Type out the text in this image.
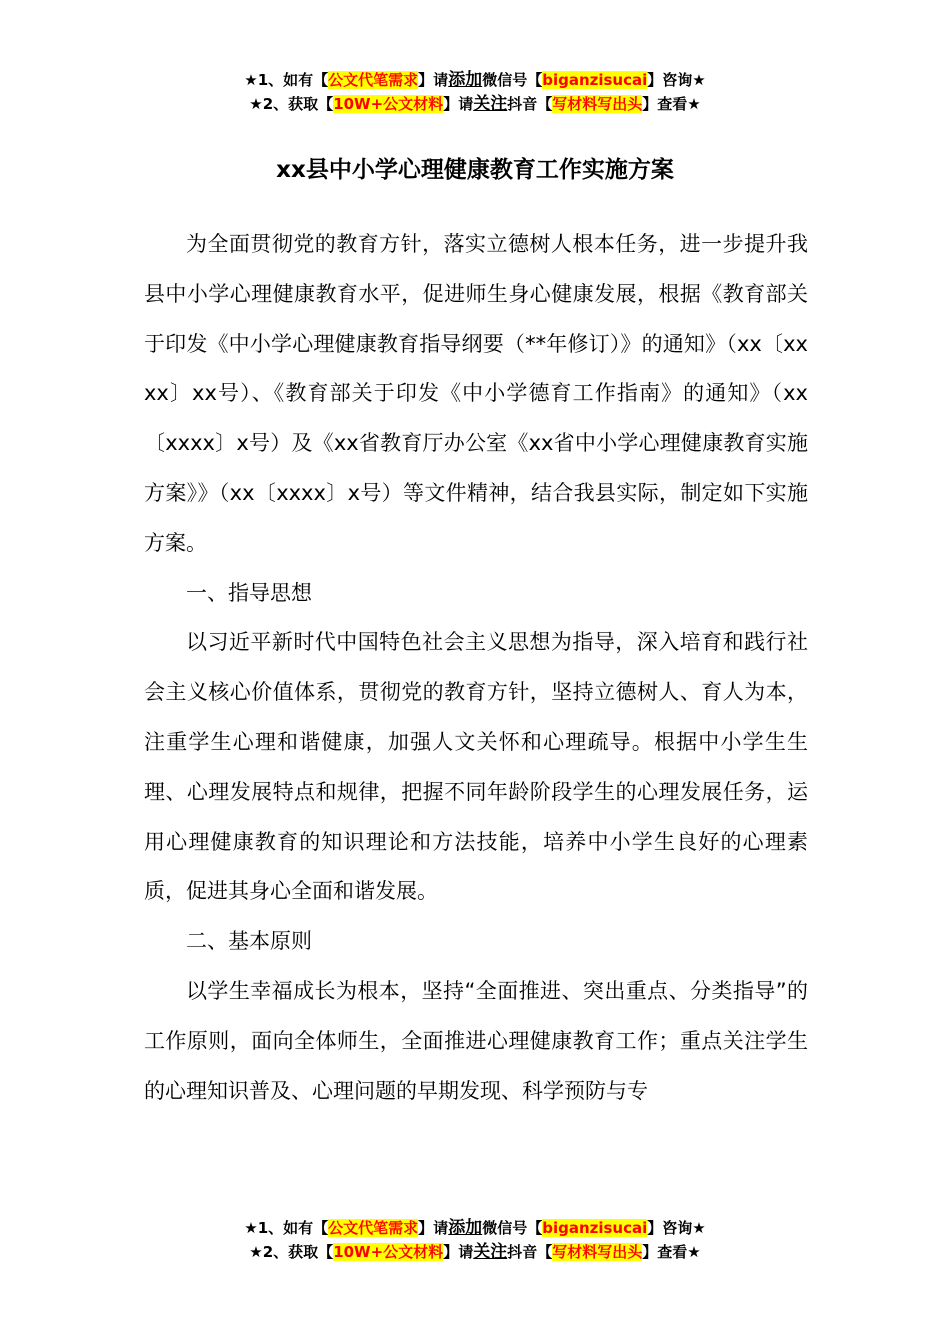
★1、如有【公文代笔需求】请添加微信号【biganzisucai】咨询★
★2、获取【10W+公文材料】请关注抖音【写材料写出头】查看★
xx县中小学心理健康教育工作实施方案

为全面贯彻党的教育方针，落实立德树人根本任务，进一步提升我县中小学心理健康教育水平，促进师生身心健康发展，根据《教育部关于印发《中小学心理健康教育指导纲要（**年修订）》的通知》（xx〔xxxx〕xx号）、《教育部关于印发《中小学德育工作指南》的通知》（xx〔xxxx〕x号）及《xx省教育厅办公室《xx省中小学心理健康教育实施方案》》（xx〔xxxx〕x号）等文件精神，结合我县实际，制定如下实施方案。

一、指导思想

以习近平新时代中国特色社会主义思想为指导，深入培育和践行社会主义核心价值体系，贯彻党的教育方针，坚持立德树人、育人为本，注重学生心理和谐健康，加强人文关怀和心理疏导。根据中小学生生理、心理发展特点和规律，把握不同年龄阶段学生的心理发展任务，运用心理健康教育的知识理论和方法技能，培养中小学生良好的心理素质，促进其身心全面和谐发展。

二、基本原则

以学生幸福成长为根本，坚持“全面推进、突出重点、分类指导”的工作原则，面向全体师生，全面推进心理健康教育工作；重点关注学生的心理知识普及、心理问题的早期发现、科学预防与专

★1、如有【公文代笔需求】请添加微信号【biganzisucai】咨询★
★2、获取【10W+公文材料】请关注抖音【写材料写出头】查看★
